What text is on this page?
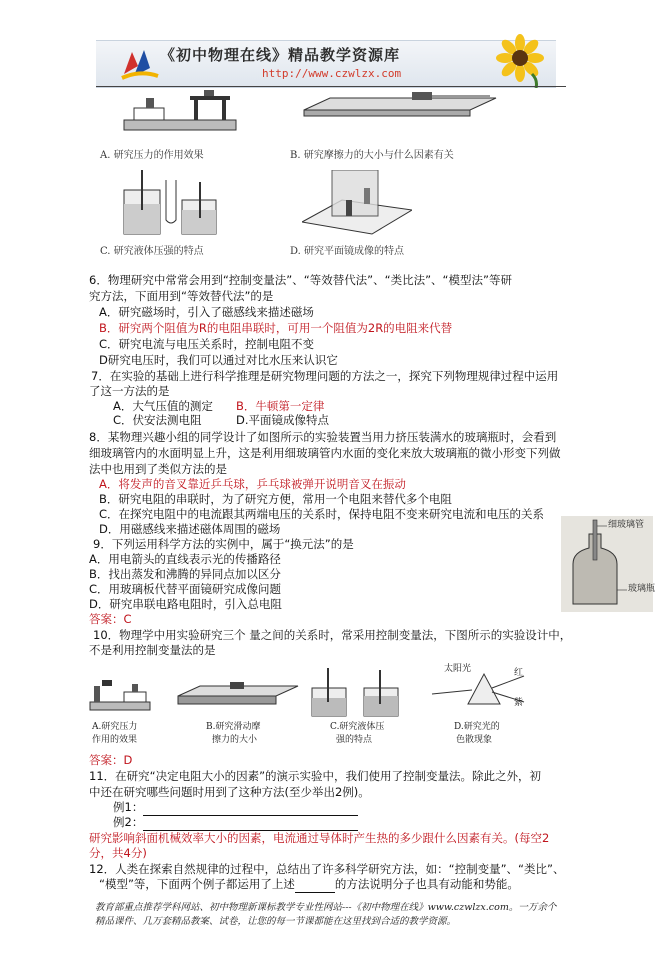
《初中物理在线》精品教学资源库
http://www.czwlzx.com
A. 研究压力的作用效果	B. 研究摩擦力的大小与什么因素有关
C. 研究液体压强的特点	D. 研究平面镜成像的特点
6．物理研究中常常会用到“控制变量法”、“等效替代法”、“类比法”、“模型法”等研
究方法，下面用到“等效替代法”的是
A．研究磁场时，引入了磁感线来描述磁场
B．研究两个阻值为R的电阻串联时，可用一个阻值为2R的电阻来代替
C．研究电流与电压关系时，控制电阻不变
D研究电压时，我们可以通过对比水压来认识它
7．在实验的基础上进行科学推理是研究物理问题的方法之一，探究下列物理规律过程中运用
了这一方法的是
A．大气压值的测定 B．牛顿第一定律
C．伏安法测电阻	D.平面镜成像特点
8．某物理兴趣小组的同学设计了如图所示的实验装置当用力挤压装满水的玻璃瓶时，会看到
细玻璃管内的水面明显上升，这是利用细玻璃管内水面的变化来放大玻璃瓶的微小形变下列做
法中也用到了类似方法的是
A．将发声的音叉靠近乒乓球，乒乓球被弹开说明音叉在振动
B．研究电阻的串联时，为了研究方便，常用一个电阻来替代多个电阻
C．在探究电阻中的电流跟其两端电压的关系时，保持电阻不变来研究电流和电压的关系
D．用磁感线来描述磁体周围的磁场	细玻璃管
玻璃瓶
9．下列运用科学方法的实例中，属于“换元法”的是
A．用电箭头的直线表示光的传播路径
B．找出蒸发和沸腾的异同点加以区分
C．用玻璃板代替平面镜研究成像问题
D．研究串联电路电阻时，引入总电阻
答案：C
10．物理学中用实验研究三个 量之间的关系时，常采用控制变量法，下图所示的实验设计中，
不是利用控制变量法的是
太阳光	红
紫
A.研究压力
作用的效果
B.研究滑动摩
擦力的大小
C.研究液体压
强的特点
D.研究光的
色散现象
答案：D
11．在研究“决定电阻大小的因素”的演示实验中，我们使用了控制变量法。除此之外，初
中还在研究哪些问题时用到了这种方法(至少举出2例)。
例1：
例2：
研究影响斜面机械效率大小的因素，电流通过导体时产生热的多少跟什么因素有关。(每空2
分，共4分)
12．人类在探索自然规律的过程中，总结出了许多科学研究方法，如：“控制变量”、“类比”、
“模型”等，下面两个例子都运用了上述	的方法说明分子也具有动能和势能。
教育部重点推荐学科网站、初中物理新课标教学专业性网站---《初中物理在线》www.czwlzx.com。一万余个
精品课件、几万套精品教案、试卷，让您的每一节课都能在这里找到合适的教学资源。
